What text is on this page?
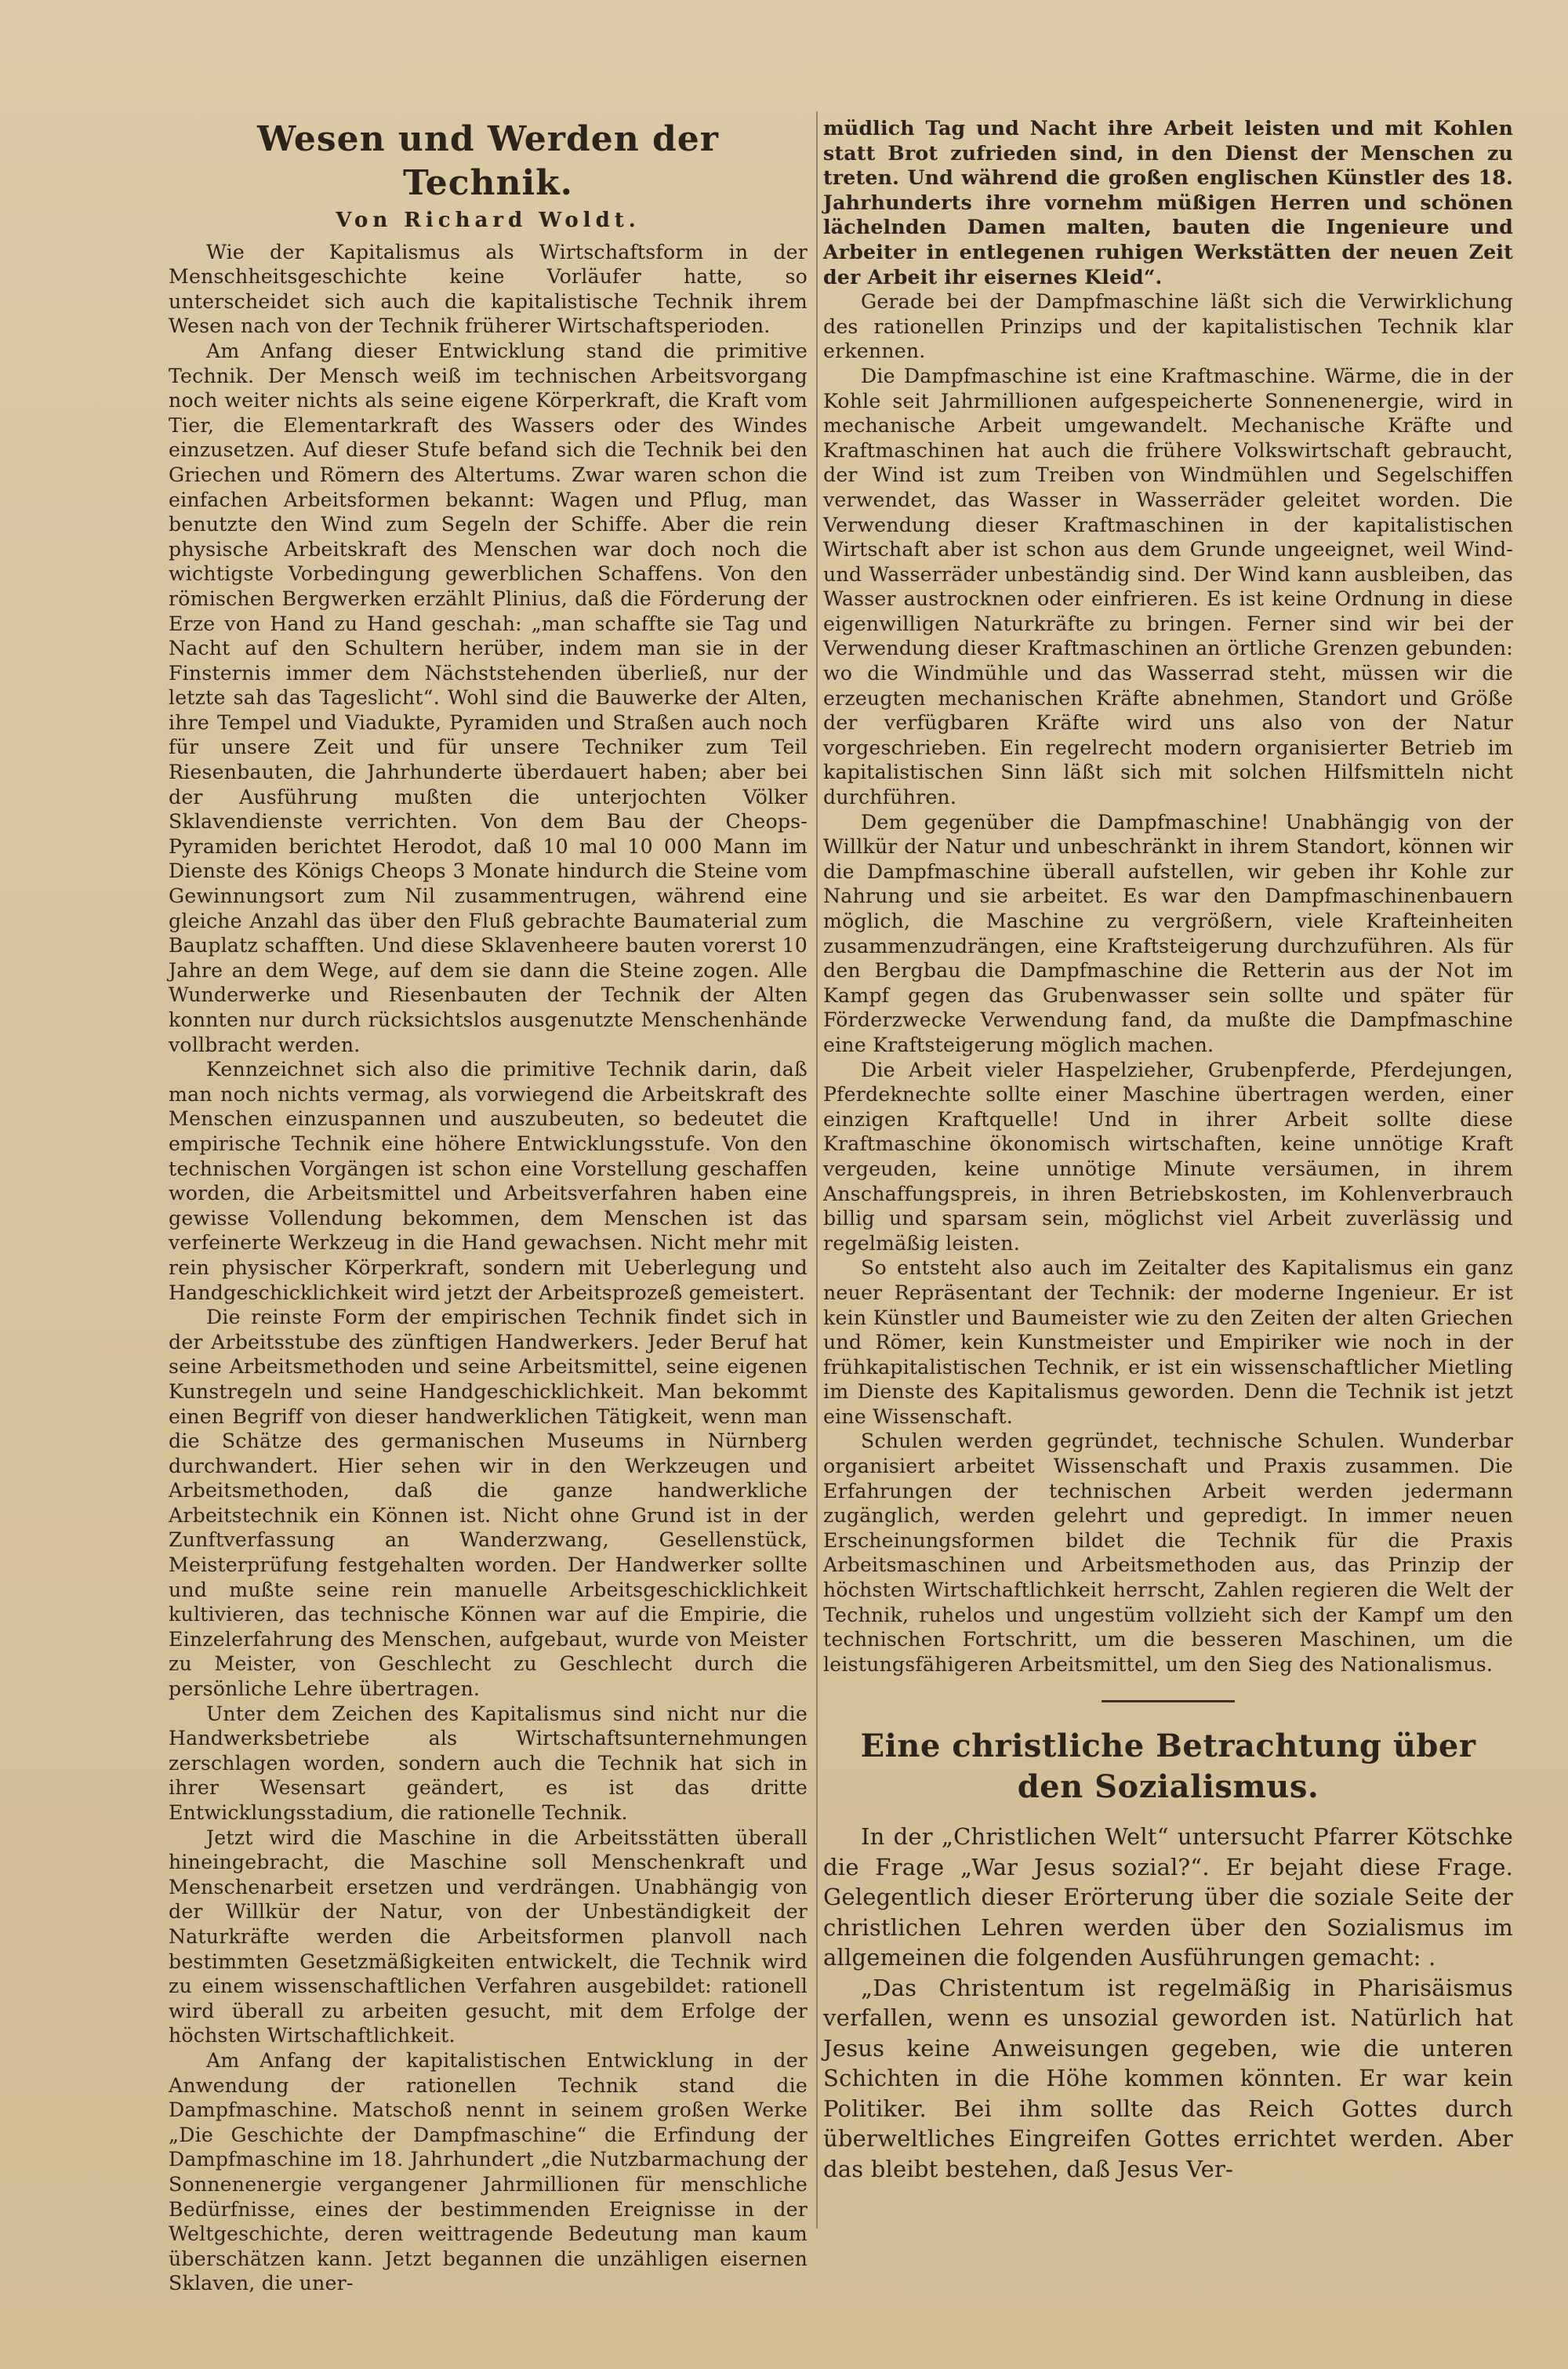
Wesen und Werden der Technik.
Von Richard Woldt.

Wie der Kapitalismus als Wirtschaftsform in der Menschheitsgeschichte keine Vorläufer hatte, so unterscheidet sich auch die kapitalistische Technik ihrem Wesen nach von der Technik früherer Wirtschaftsperioden.

Am Anfang dieser Entwicklung stand die primitive Technik. Der Mensch weiß im technischen Arbeitsvorgang noch weiter nichts als seine eigene Körperkraft, die Kraft vom Tier, die Elementarkraft des Wassers oder des Windes einzusetzen. Auf dieser Stufe befand sich die Technik bei den Griechen und Römern des Altertums. Zwar waren schon die einfachen Arbeitsformen bekannt: Wagen und Pflug, man benutzte den Wind zum Segeln der Schiffe. Aber die rein physische Arbeitskraft des Menschen war doch noch die wichtigste Vorbedingung gewerblichen Schaffens. Von den römischen Bergwerken erzählt Plinius, daß die Förderung der Erze von Hand zu Hand geschah: „man schaffte sie Tag und Nacht auf den Schultern herüber, indem man sie in der Finsternis immer dem Nächststehenden überließ, nur der letzte sah das Tageslicht“. Wohl sind die Bauwerke der Alten, ihre Tempel und Viadukte, Pyramiden und Straßen auch noch für unsere Zeit und für unsere Techniker zum Teil Riesenbauten, die Jahrhunderte überdauert haben; aber bei der Ausführung mußten die unterjochten Völker Sklavendienste verrichten. Von dem Bau der Cheops-Pyramiden berichtet Herodot, daß 10 mal 10 000 Mann im Dienste des Königs Cheops 3 Monate hindurch die Steine vom Gewinnungsort zum Nil zusammentrugen, während eine gleiche Anzahl das über den Fluß gebrachte Baumaterial zum Bauplatz schafften. Und diese Sklavenheere bauten vorerst 10 Jahre an dem Wege, auf dem sie dann die Steine zogen. Alle Wunderwerke und Riesenbauten der Technik der Alten konnten nur durch rücksichtslos ausgenutzte Menschenhände vollbracht werden.

Kennzeichnet sich also die primitive Technik darin, daß man noch nichts vermag, als vorwiegend die Arbeitskraft des Menschen einzuspannen und auszubeuten, so bedeutet die empirische Technik eine höhere Entwicklungsstufe. Von den technischen Vorgängen ist schon eine Vorstellung geschaffen worden, die Arbeitsmittel und Arbeitsverfahren haben eine gewisse Vollendung bekommen, dem Menschen ist das verfeinerte Werkzeug in die Hand gewachsen. Nicht mehr mit rein physischer Körperkraft, sondern mit Ueberlegung und Handgeschicklichkeit wird jetzt der Arbeitsprozeß gemeistert.

Die reinste Form der empirischen Technik findet sich in der Arbeitsstube des zünftigen Handwerkers. Jeder Beruf hat seine Arbeitsmethoden und seine Arbeitsmittel, seine eigenen Kunstregeln und seine Handgeschicklichkeit. Man bekommt einen Begriff von dieser handwerklichen Tätigkeit, wenn man die Schätze des germanischen Museums in Nürnberg durchwandert. Hier sehen wir in den Werkzeugen und Arbeitsmethoden, daß die ganze handwerkliche Arbeitstechnik ein Können ist. Nicht ohne Grund ist in der Zunftverfassung an Wanderzwang, Gesellenstück, Meisterprüfung festgehalten worden. Der Handwerker sollte und mußte seine rein manuelle Arbeitsgeschicklichkeit kultivieren, das technische Können war auf die Empirie, die Einzelerfahrung des Menschen, aufgebaut, wurde von Meister zu Meister, von Geschlecht zu Geschlecht durch die persönliche Lehre übertragen.

Unter dem Zeichen des Kapitalismus sind nicht nur die Handwerksbetriebe als Wirtschaftsunternehmungen zerschlagen worden, sondern auch die Technik hat sich in ihrer Wesensart geändert, es ist das dritte Entwicklungsstadium, die rationelle Technik.

Jetzt wird die Maschine in die Arbeitsstätten überall hineingebracht, die Maschine soll Menschenkraft und Menschenarbeit ersetzen und verdrängen. Unabhängig von der Willkür der Natur, von der Unbeständigkeit der Naturkräfte werden die Arbeitsformen planvoll nach bestimmten Gesetzmäßigkeiten entwickelt, die Technik wird zu einem wissenschaftlichen Verfahren ausgebildet: rationell wird überall zu arbeiten gesucht, mit dem Erfolge der höchsten Wirtschaftlichkeit.

Am Anfang der kapitalistischen Entwicklung in der Anwendung der rationellen Technik stand die Dampfmaschine. Matschoß nennt in seinem großen Werke „Die Geschichte der Dampfmaschine“ die Erfindung der Dampfmaschine im 18. Jahrhundert „die Nutzbarmachung der Sonnenenergie vergangener Jahrmillionen für menschliche Bedürfnisse, eines der bestimmenden Ereignisse in der Weltgeschichte, deren weittragende Bedeutung man kaum überschätzen kann. Jetzt begannen die unzähligen eisernen Sklaven, die uner-

müdlich Tag und Nacht ihre Arbeit leisten und mit Kohlen statt Brot zufrieden sind, in den Dienst der Menschen zu treten. Und während die großen englischen Künstler des 18. Jahrhunderts ihre vornehm müßigen Herren und schönen lächelnden Damen malten, bauten die Ingenieure und Arbeiter in entlegenen ruhigen Werkstätten der neuen Zeit der Arbeit ihr eisernes Kleid“.

Gerade bei der Dampfmaschine läßt sich die Verwirklichung des rationellen Prinzips und der kapitalistischen Technik klar erkennen.

Die Dampfmaschine ist eine Kraftmaschine. Wärme, die in der Kohle seit Jahrmillionen aufgespeicherte Sonnenenergie, wird in mechanische Arbeit umgewandelt. Mechanische Kräfte und Kraftmaschinen hat auch die frühere Volkswirtschaft gebraucht, der Wind ist zum Treiben von Windmühlen und Segelschiffen verwendet, das Wasser in Wasserräder geleitet worden. Die Verwendung dieser Kraftmaschinen in der kapitalistischen Wirtschaft aber ist schon aus dem Grunde ungeeignet, weil Wind- und Wasserräder unbeständig sind. Der Wind kann ausbleiben, das Wasser austrocknen oder einfrieren. Es ist keine Ordnung in diese eigenwilligen Naturkräfte zu bringen. Ferner sind wir bei der Verwendung dieser Kraftmaschinen an örtliche Grenzen gebunden: wo die Windmühle und das Wasserrad steht, müssen wir die erzeugten mechanischen Kräfte abnehmen, Standort und Größe der verfügbaren Kräfte wird uns also von der Natur vorgeschrieben. Ein regelrecht modern organisierter Betrieb im kapitalistischen Sinn läßt sich mit solchen Hilfsmitteln nicht durchführen.

Dem gegenüber die Dampfmaschine! Unabhängig von der Willkür der Natur und unbeschränkt in ihrem Standort, können wir die Dampfmaschine überall aufstellen, wir geben ihr Kohle zur Nahrung und sie arbeitet. Es war den Dampfmaschinenbauern möglich, die Maschine zu vergrößern, viele Krafteinheiten zusammenzudrängen, eine Kraftsteigerung durchzuführen. Als für den Bergbau die Dampfmaschine die Retterin aus der Not im Kampf gegen das Grubenwasser sein sollte und später für Förderzwecke Verwendung fand, da mußte die Dampfmaschine eine Kraftsteigerung möglich machen.

Die Arbeit vieler Haspelzieher, Grubenpferde, Pferdejungen, Pferdeknechte sollte einer Maschine übertragen werden, einer einzigen Kraftquelle! Und in ihrer Arbeit sollte diese Kraftmaschine ökonomisch wirtschaften, keine unnötige Kraft vergeuden, keine unnötige Minute versäumen, in ihrem Anschaffungspreis, in ihren Betriebskosten, im Kohlenverbrauch billig und sparsam sein, möglichst viel Arbeit zuverlässig und regelmäßig leisten.

So entsteht also auch im Zeitalter des Kapitalismus ein ganz neuer Repräsentant der Technik: der moderne Ingenieur. Er ist kein Künstler und Baumeister wie zu den Zeiten der alten Griechen und Römer, kein Kunstmeister und Empiriker wie noch in der frühkapitalistischen Technik, er ist ein wissenschaftlicher Mietling im Dienste des Kapitalismus geworden. Denn die Technik ist jetzt eine Wissenschaft.

Schulen werden gegründet, technische Schulen. Wunderbar organisiert arbeitet Wissenschaft und Praxis zusammen. Die Erfahrungen der technischen Arbeit werden jedermann zugänglich, werden gelehrt und gepredigt. In immer neuen Erscheinungsformen bildet die Technik für die Praxis Arbeitsmaschinen und Arbeitsmethoden aus, das Prinzip der höchsten Wirtschaftlichkeit herrscht, Zahlen regieren die Welt der Technik, ruhelos und ungestüm vollzieht sich der Kampf um den technischen Fortschritt, um die besseren Maschinen, um die leistungsfähigeren Arbeitsmittel, um den Sieg des Nationalismus.

Eine christliche Betrachtung über den Sozialismus.

In der „Christlichen Welt“ untersucht Pfarrer Kötschke die Frage „War Jesus sozial?“. Er bejaht diese Frage. Gelegentlich dieser Erörterung über die soziale Seite der christlichen Lehren werden über den Sozialismus im allgemeinen die folgenden Ausführungen gemacht: .

„Das Christentum ist regelmäßig in Pharisäismus verfallen, wenn es unsozial geworden ist. Natürlich hat Jesus keine Anweisungen gegeben, wie die unteren Schichten in die Höhe kommen könnten. Er war kein Politiker. Bei ihm sollte das Reich Gottes durch überweltliches Eingreifen Gottes errichtet werden. Aber das bleibt bestehen, daß Jesus Ver-
